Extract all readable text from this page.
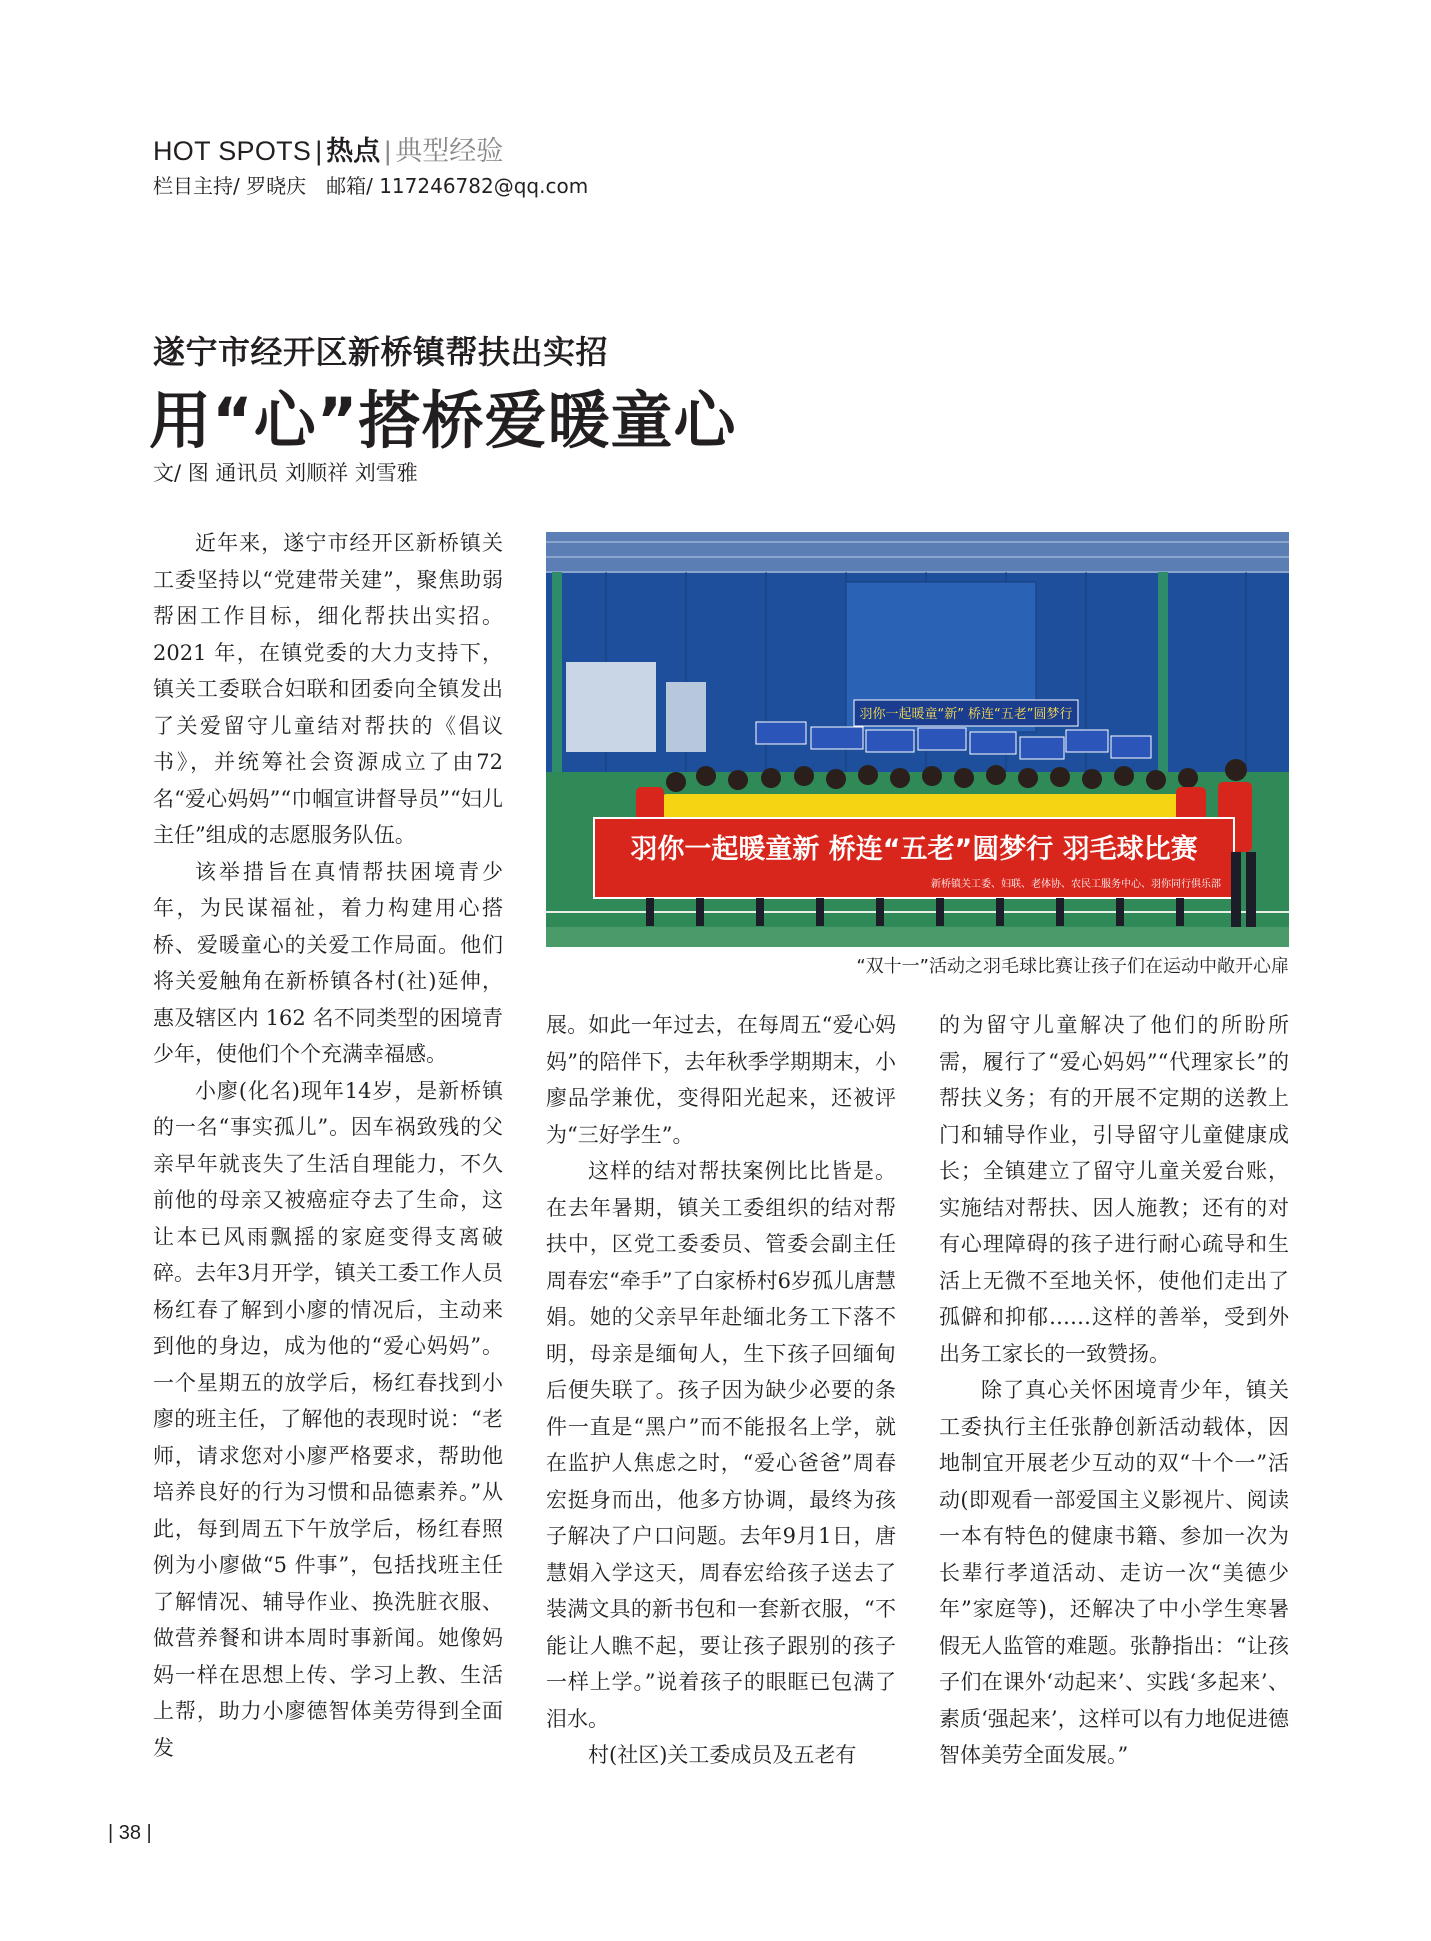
HOT SPOTS | 热点 | 典型经验
栏目主持/ 罗晓庆 邮箱/ 117246782@qq.com
遂宁市经开区新桥镇帮扶出实招
用“心”搭桥爱暖童心
文/ 图 通讯员 刘顺祥 刘雪雅

近年来，遂宁市经开区新桥镇关工委坚持以“党建带关建”，聚焦助弱帮困工作目标，细化帮扶出实招。2021 年，在镇党委的大力支持下，镇关工委联合妇联和团委向全镇发出了关爱留守儿童结对帮扶的《倡议书》，并统筹社会资源成立了由72名“爱心妈妈”“巾帼宣讲督导员”“妇儿主任”组成的志愿服务队伍。

该举措旨在真情帮扶困境青少年，为民谋福祉，着力构建用心搭桥、爱暖童心的关爱工作局面。他们将关爱触角在新桥镇各村(社)延伸，惠及辖区内 162 名不同类型的困境青少年，使他们个个充满幸福感。

小廖(化名)现年14岁，是新桥镇的一名“事实孤儿”。因车祸致残的父亲早年就丧失了生活自理能力，不久前他的母亲又被癌症夺去了生命，这让本已风雨飘摇的家庭变得支离破碎。去年3月开学，镇关工委工作人员杨红春了解到小廖的情况后，主动来到他的身边，成为他的“爱心妈妈”。一个星期五的放学后，杨红春找到小廖的班主任，了解他的表现时说：“老师，请求您对小廖严格要求，帮助他培养良好的行为习惯和品德素养。”从此，每到周五下午放学后，杨红春照例为小廖做“5 件事”，包括找班主任了解情况、辅导作业、换洗脏衣服、做营养餐和讲本周时事新闻。她像妈妈一样在思想上传、学习上教、生活上帮，助力小廖德智体美劳得到全面发

羽你一起暖童“新” 桥连“五老”圆梦行
羽你一起暖童新 桥连“五老”圆梦行 羽毛球比赛
新桥镇关工委、妇联、老体协、农民工服务中心、羽你同行俱乐部
“双十一”活动之羽毛球比赛让孩子们在运动中敞开心扉

展。如此一年过去，在每周五“爱心妈妈”的陪伴下，去年秋季学期期末，小廖品学兼优，变得阳光起来，还被评为“三好学生”。

这样的结对帮扶案例比比皆是。在去年暑期，镇关工委组织的结对帮扶中，区党工委委员、管委会副主任周春宏“牵手”了白家桥村6岁孤儿唐慧娟。她的父亲早年赴缅北务工下落不明，母亲是缅甸人，生下孩子回缅甸后便失联了。孩子因为缺少必要的条件一直是“黑户”而不能报名上学，就在监护人焦虑之时，“爱心爸爸”周春宏挺身而出，他多方协调，最终为孩子解决了户口问题。去年9月1日，唐慧娟入学这天，周春宏给孩子送去了装满文具的新书包和一套新衣服，“不能让人瞧不起，要让孩子跟别的孩子一样上学。”说着孩子的眼眶已包满了泪水。

村(社区)关工委成员及五老有

的为留守儿童解决了他们的所盼所需，履行了“爱心妈妈”“代理家长”的帮扶义务；有的开展不定期的送教上门和辅导作业，引导留守儿童健康成长；全镇建立了留守儿童关爱台账，实施结对帮扶、因人施教；还有的对有心理障碍的孩子进行耐心疏导和生活上无微不至地关怀，使他们走出了孤僻和抑郁……这样的善举，受到外出务工家长的一致赞扬。

除了真心关怀困境青少年，镇关工委执行主任张静创新活动载体，因地制宜开展老少互动的双“十个一”活动(即观看一部爱国主义影视片、阅读一本有特色的健康书籍、参加一次为长辈行孝道活动、走访一次“美德少年”家庭等)，还解决了中小学生寒暑假无人监管的难题。张静指出：“让孩子们在课外‘动起来’、实践‘多起来’、素质‘强起来’，这样可以有力地促进德智体美劳全面发展。”

| 38 |
